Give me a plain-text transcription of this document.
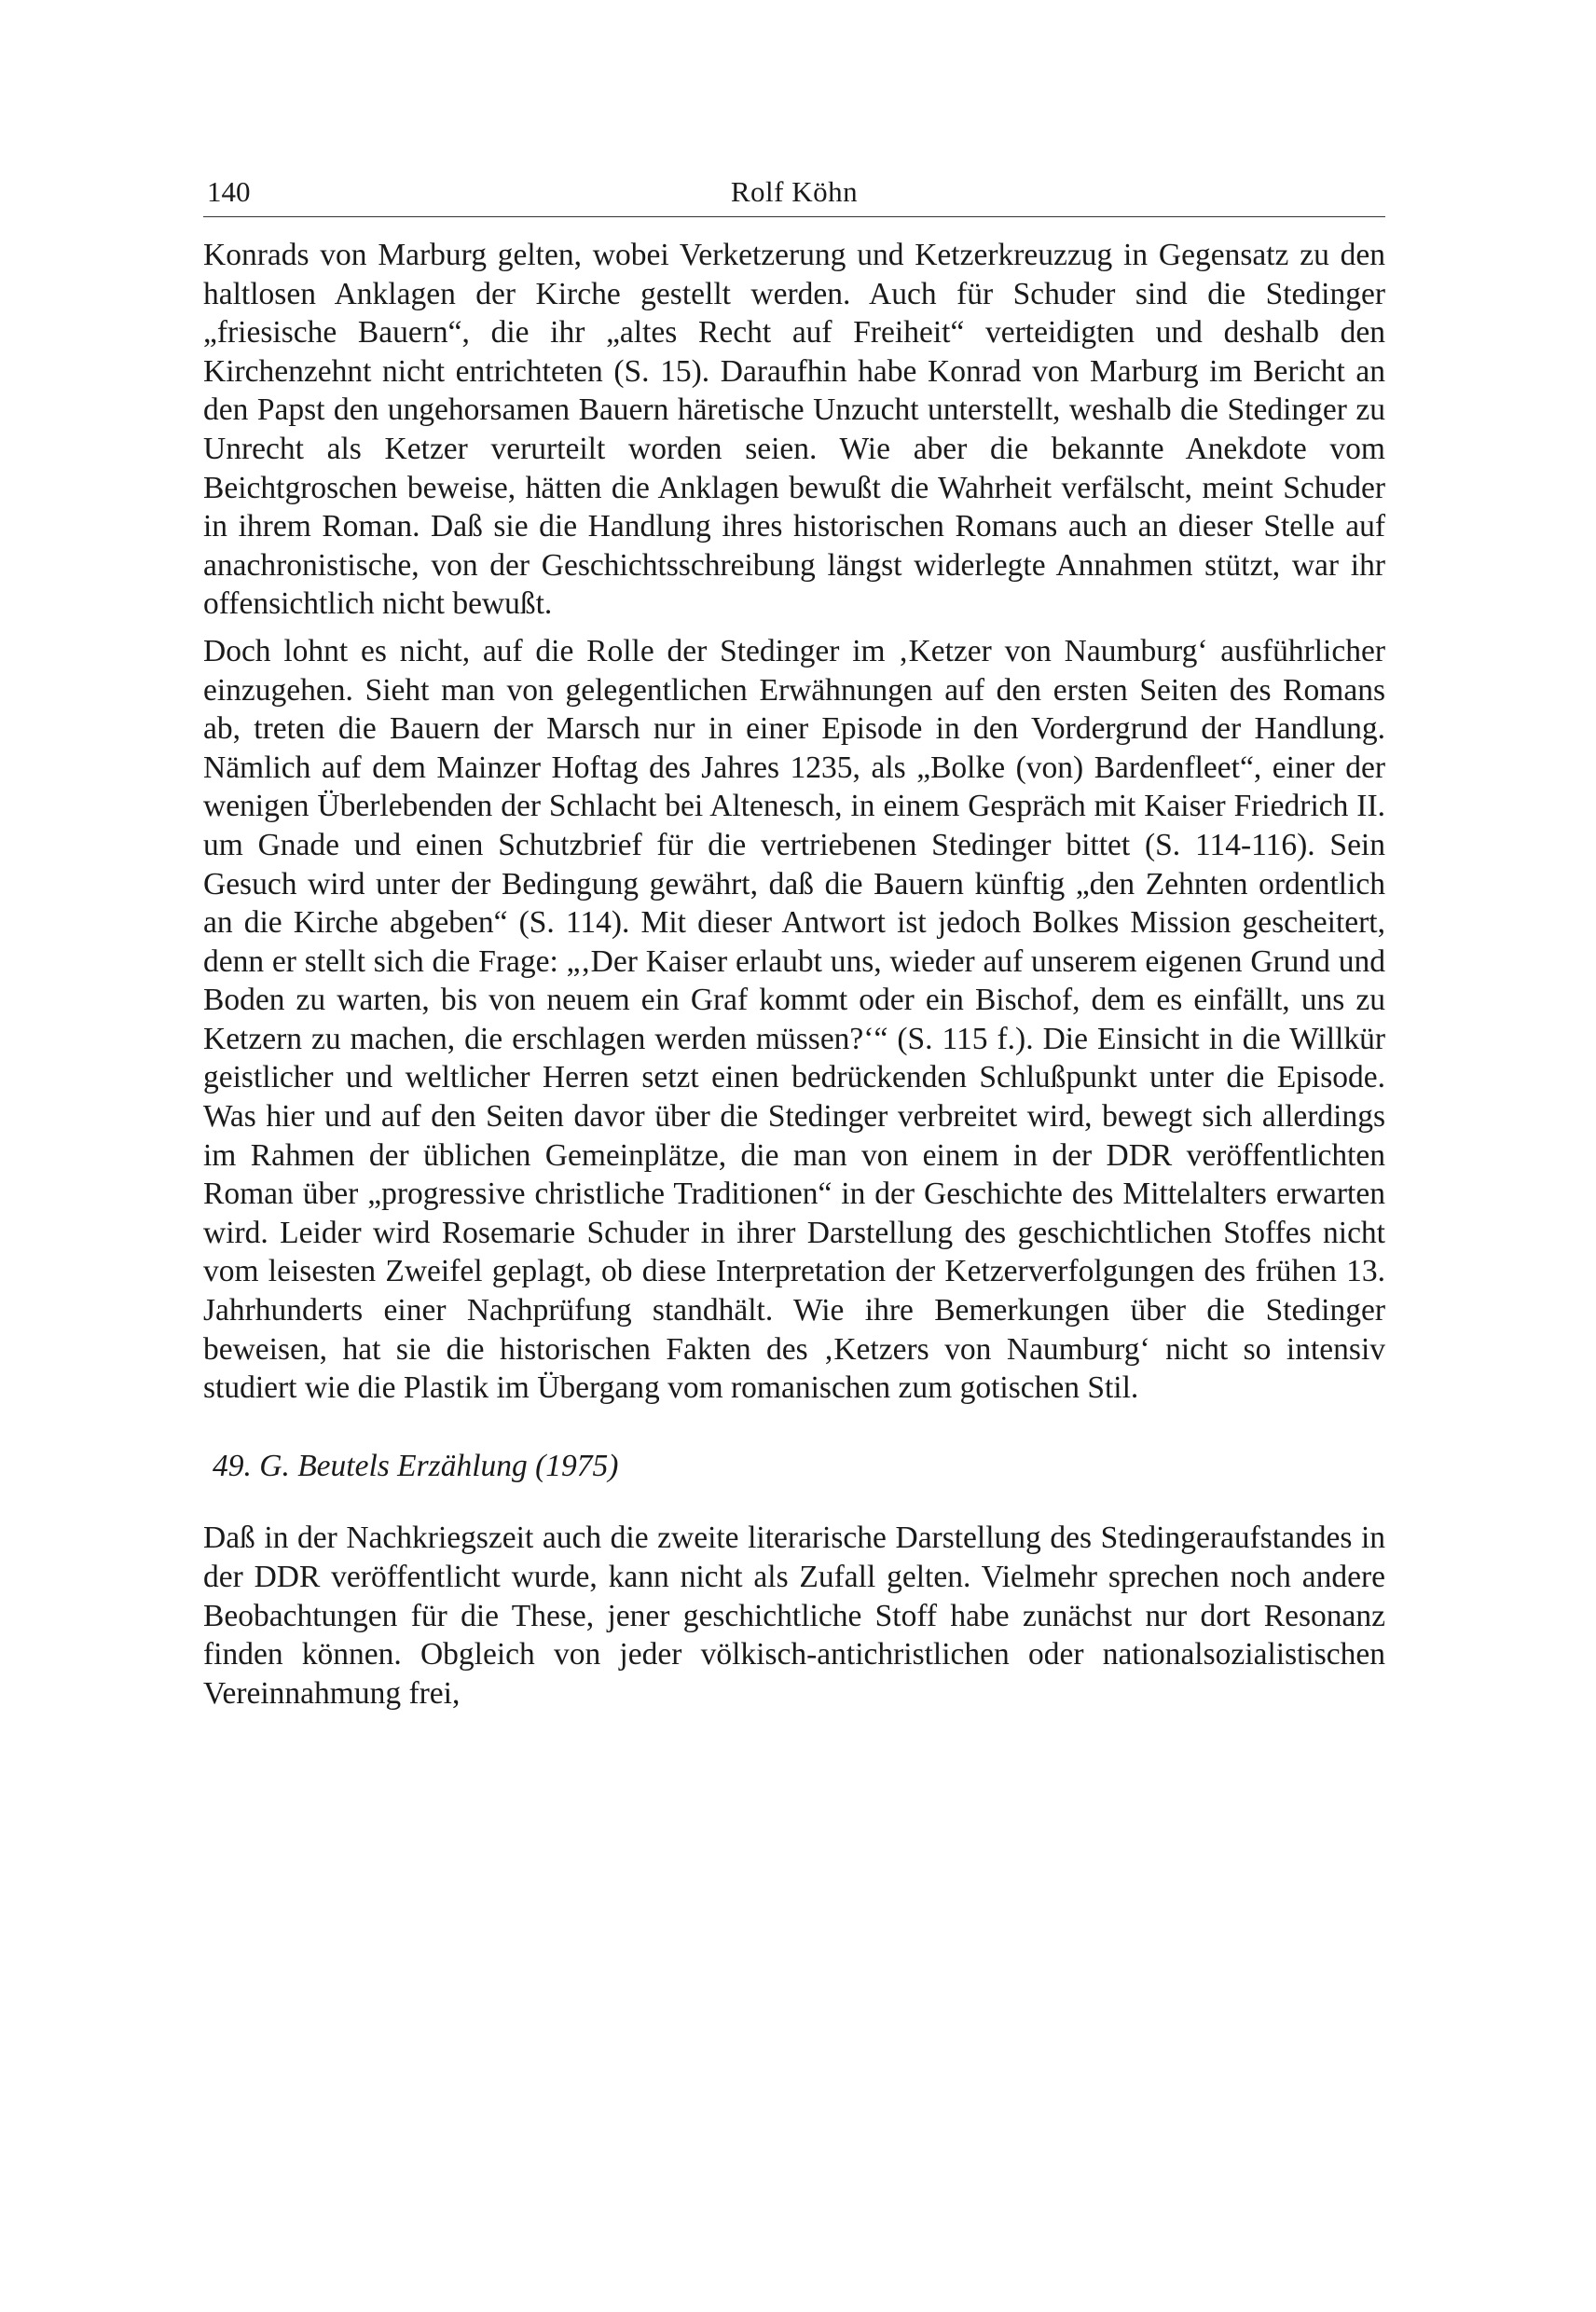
140	Rolf Köhn

Konrads von Marburg gelten, wobei Verketzerung und Ketzerkreuzzug in Gegensatz zu den haltlosen Anklagen der Kirche gestellt werden. Auch für Schuder sind die Stedinger „friesische Bauern“, die ihr „altes Recht auf Freiheit“ verteidigten und deshalb den Kirchenzehnt nicht entrichteten (S. 15). Daraufhin habe Konrad von Marburg im Bericht an den Papst den ungehorsamen Bauern häretische Unzucht unterstellt, weshalb die Stedinger zu Unrecht als Ketzer verurteilt worden seien. Wie aber die bekannte Anekdote vom Beichtgroschen beweise, hätten die Anklagen bewußt die Wahrheit verfälscht, meint Schuder in ihrem Roman. Daß sie die Handlung ihres historischen Romans auch an dieser Stelle auf anachronistische, von der Geschichtsschreibung längst widerlegte Annahmen stützt, war ihr offensichtlich nicht bewußt.

Doch lohnt es nicht, auf die Rolle der Stedinger im ‚Ketzer von Naumburg‘ ausführlicher einzugehen. Sieht man von gelegentlichen Erwähnungen auf den ersten Seiten des Romans ab, treten die Bauern der Marsch nur in einer Episode in den Vordergrund der Handlung. Nämlich auf dem Mainzer Hoftag des Jahres 1235, als „Bolke (von) Bardenfleet“, einer der wenigen Überlebenden der Schlacht bei Altenesch, in einem Gespräch mit Kaiser Friedrich II. um Gnade und einen Schutzbrief für die vertriebenen Stedinger bittet (S. 114-116). Sein Gesuch wird unter der Bedingung gewährt, daß die Bauern künftig „den Zehnten ordentlich an die Kirche abgeben“ (S. 114). Mit dieser Antwort ist jedoch Bolkes Mission gescheitert, denn er stellt sich die Frage: „‚Der Kaiser erlaubt uns, wieder auf unserem eigenen Grund und Boden zu warten, bis von neuem ein Graf kommt oder ein Bischof, dem es einfällt, uns zu Ketzern zu machen, die erschlagen werden müssen?‘“ (S. 115 f.). Die Einsicht in die Willkür geistlicher und weltlicher Herren setzt einen bedrückenden Schlußpunkt unter die Episode. Was hier und auf den Seiten davor über die Stedinger verbreitet wird, bewegt sich allerdings im Rahmen der üblichen Gemeinplätze, die man von einem in der DDR veröffentlichten Roman über „progressive christliche Traditionen“ in der Geschichte des Mittelalters erwarten wird. Leider wird Rosemarie Schuder in ihrer Darstellung des geschichtlichen Stoffes nicht vom leisesten Zweifel geplagt, ob diese Interpretation der Ketzerverfolgungen des frühen 13. Jahrhunderts einer Nachprüfung standhält. Wie ihre Bemerkungen über die Stedinger beweisen, hat sie die historischen Fakten des ‚Ketzers von Naumburg‘ nicht so intensiv studiert wie die Plastik im Übergang vom romanischen zum gotischen Stil.

49. G. Beutels Erzählung (1975)

Daß in der Nachkriegszeit auch die zweite literarische Darstellung des Stedingeraufstandes in der DDR veröffentlicht wurde, kann nicht als Zufall gelten. Vielmehr sprechen noch andere Beobachtungen für die These, jener geschichtliche Stoff habe zunächst nur dort Resonanz finden können. Obgleich von jeder völkisch-antichristlichen oder nationalsozialistischen Vereinnahmung frei,
